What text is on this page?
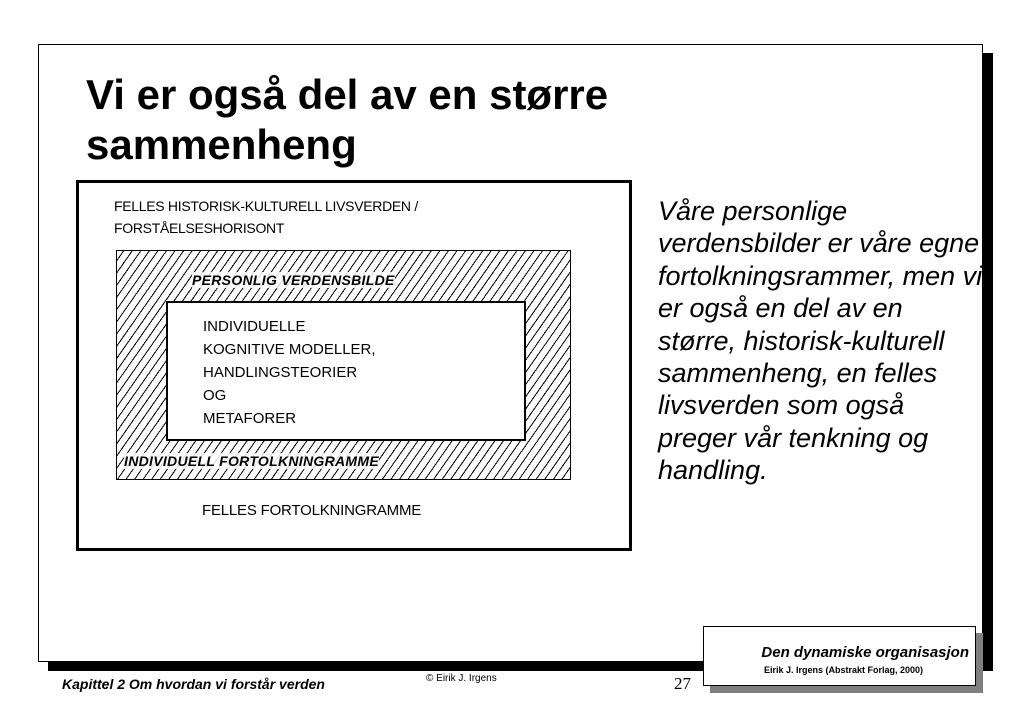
Vi er også del av en større
sammenheng
FELLES HISTORISK-KULTURELL LIVSVERDEN /
FORSTÅELSESHORISONT
PERSONLIG VERDENSBILDE
INDIVIDUELL FORTOLKNINGRAMME
INDIVIDUELLE
KOGNITIVE MODELLER,
HANDLINGSTEORIER
OG
METAFORER
FELLES FORTOLKNINGRAMME

Våre personlige verdensbilder er våre egne fortolkningsrammer, men vi er også en del av en større, historisk-kulturell sammenheng, en felles livsverden som også preger vår tenkning og handling.

Den dynamiske organisasjon
Eirik J. Irgens (Abstrakt Forlag, 2000)
Kapittel 2 Om hvordan vi forstår verden	© Eirik J. Irgens	27
